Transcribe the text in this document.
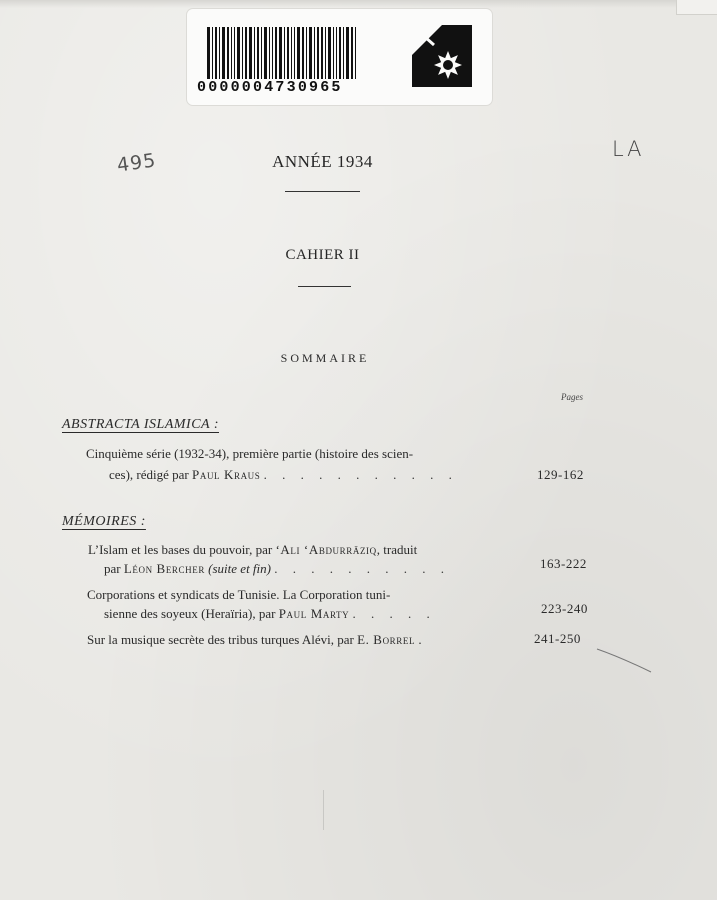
0000004730965
495
LA
ANNÉE 1934
CAHIER II
SOMMAIRE
Pages
ABSTRACTA ISLAMICA :
Cinquième série (1932-34), première partie (histoire des scien-
ces), rédigé par Paul Kraus . . . . . . . . . . .	129-162
MÉMOIRES :
L’Islam et les bases du pouvoir, par ‘Ali ‘Abdurrāziq, traduit
par Léon Bercher (suite et fin) . . . . . . . . . .	163-222
Corporations et syndicats de Tunisie. La Corporation tuni-
sienne des soyeux (Heraïria), par Paul Marty . . . . .	223-240
Sur la musique secrète des tribus turques Alévi, par E. Borrel .	241-250
